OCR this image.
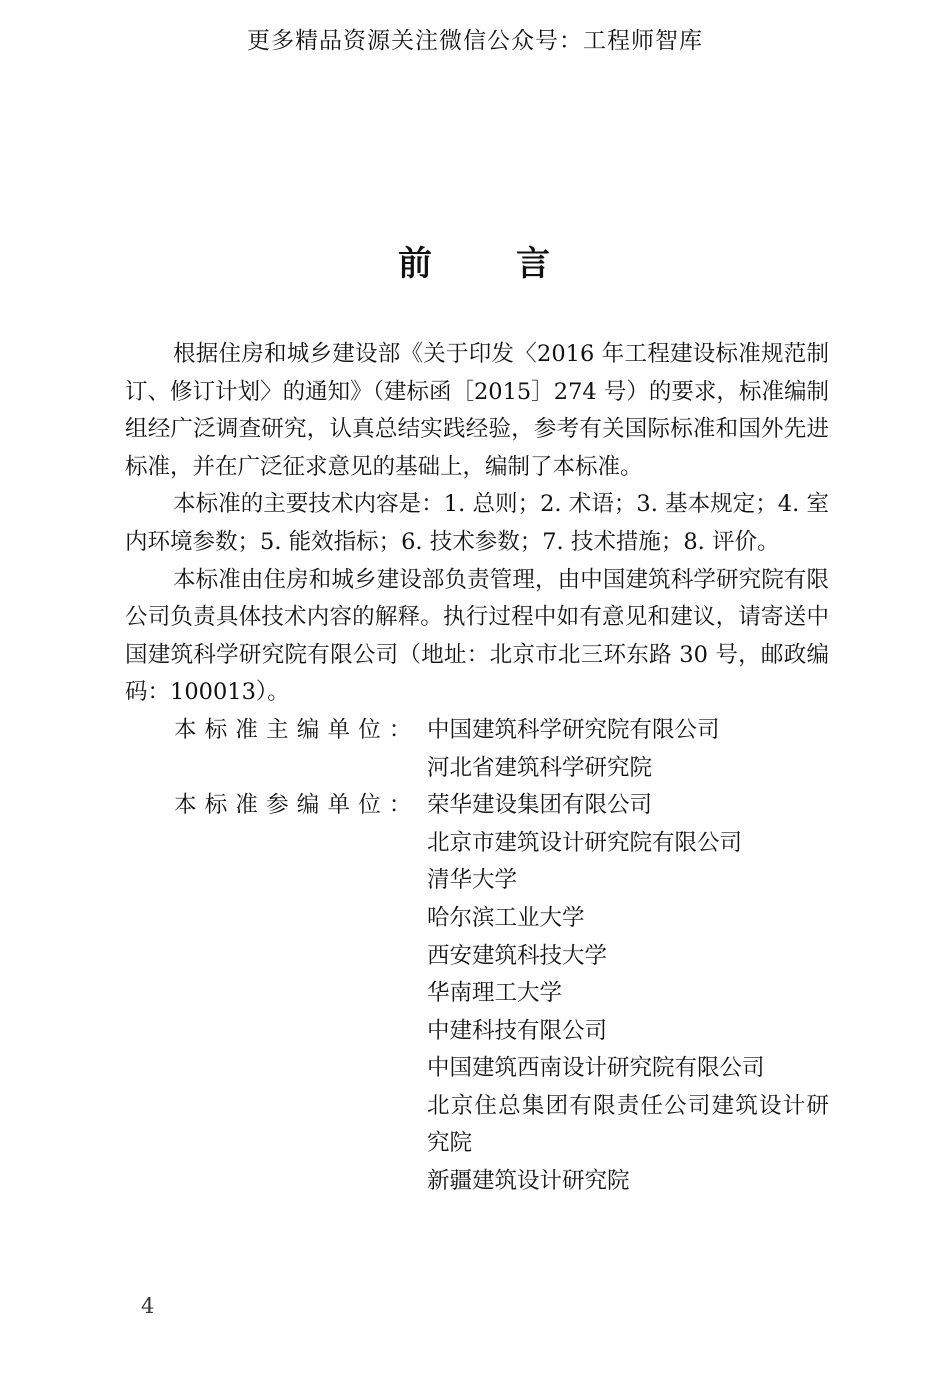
更多精品资源关注微信公众号：工程师智库
前 言

根据住房和城乡建设部《关于印发〈2016 年工程建设标准规范制订、修订计划〉的通知》（建标函［2015］274 号）的要求，标准编制组经广泛调查研究，认真总结实践经验，参考有关国际标准和国外先进标准，并在广泛征求意见的基础上，编制了本标准。

本标准的主要技术内容是：1. 总则；2. 术语；3. 基本规定；4. 室内环境参数；5. 能效指标；6. 技术参数；7. 技术措施；8. 评价。

本标准由住房和城乡建设部负责管理，由中国建筑科学研究院有限公司负责具体技术内容的解释。执行过程中如有意见和建议，请寄送中国建筑科学研究院有限公司（地址：北京市北三环东路 30 号，邮政编码：100013）。

本标准主编单位： 中国建筑科学研究院有限公司
河北省建筑科学研究院
本标准参编单位： 荣华建设集团有限公司
北京市建筑设计研究院有限公司
清华大学
哈尔滨工业大学
西安建筑科技大学
华南理工大学
中建科技有限公司
中国建筑西南设计研究院有限公司
北京住总集团有限责任公司建筑设计研究院
新疆建筑设计研究院
4
